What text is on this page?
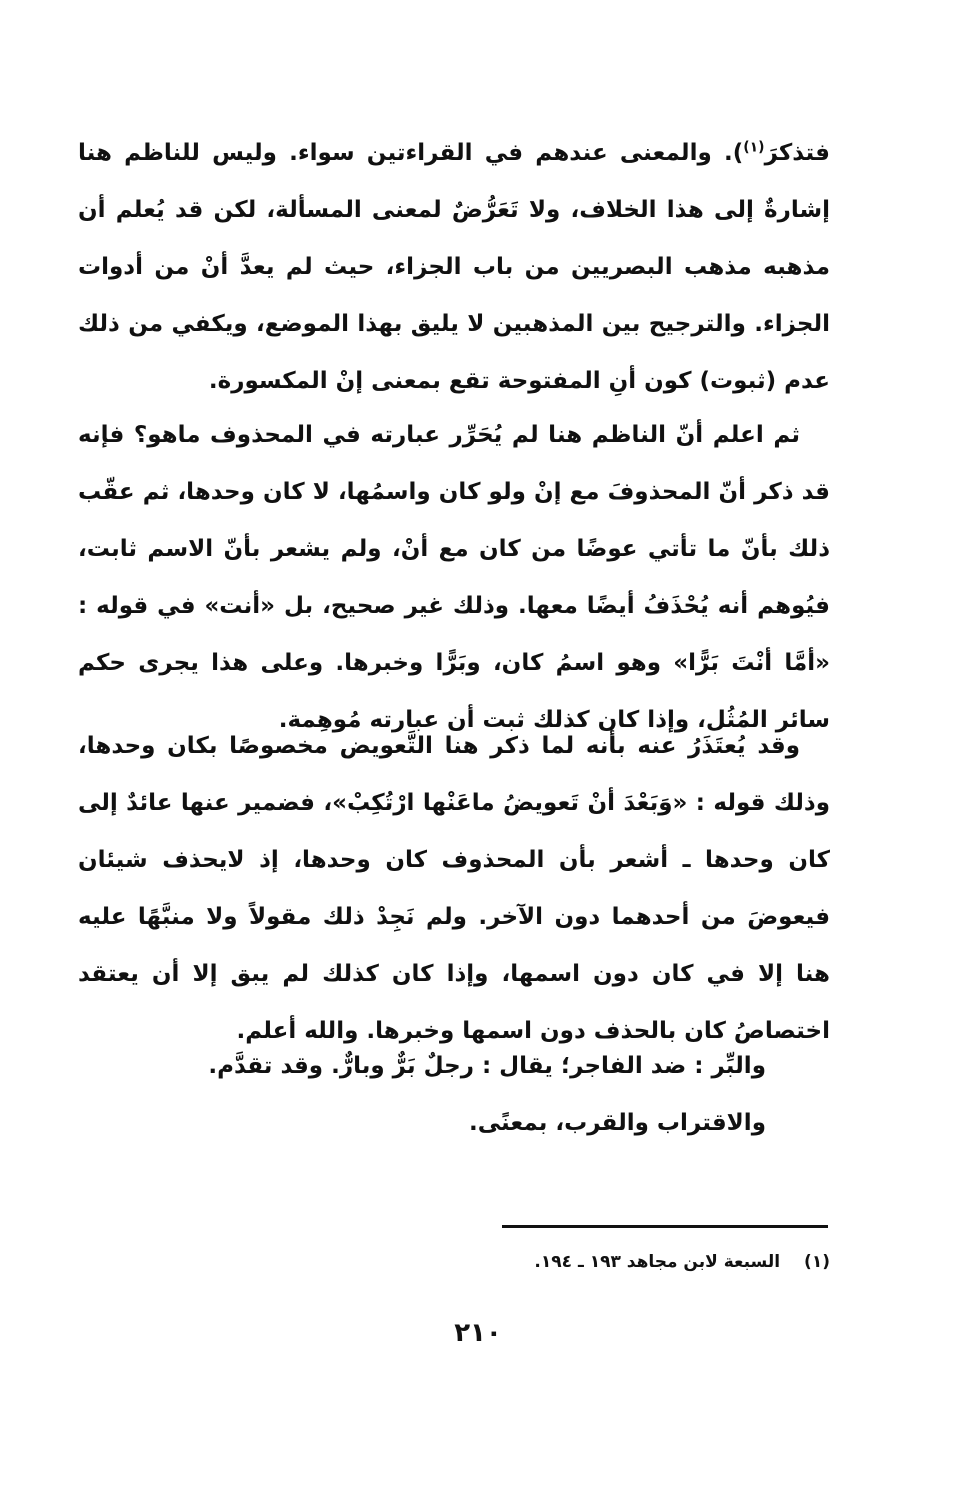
فتذكرَ$^{(١)}$). والمعنى عندهم في القراءتين سواء. وليس للناظم هنا إشارةٌ إلى هذا الخلاف، ولا تَعَرُّضٌ لمعنى المسألة، لكن قد يُعلم أن مذهبه مذهب البصريين من باب الجزاء، حيث لم يعدَّ أنْ من أدوات الجزاء. والترجيح بين المذهبين لا يليق بهذا الموضع، ويكفي من ذلك عدم (ثبوت) كون أنِ المفتوحة تقع بمعنى إنْ المكسورة.
ثم اعلم أنّ الناظم هنا لم يُحَرِّر عبارته في المحذوف ماهو؟ فإنه قد ذكر أنّ المحذوفَ مع إنْ ولو كان واسمُها، لا كان وحدها، ثم عقّب ذلك بأنّ ما تأتي عوضًا من كان مع أنْ، ولم يشعر بأنّ الاسم ثابت، فيُوهم أنه يُحْذَفُ أيضًا معها. وذلك غير صحيح، بل «أنت» في قوله : «أمَّا أنْتَ بَرًّا» وهو اسمُ كان، وبَرًّا وخبرها. وعلى هذا يجرى حكم سائر المُثُل، وإذا كان كذلك ثبت أن عبارته مُوهِمة.
وقد يُعتَذَرُ عنه بأنه لما ذكر هنا التَّعويض مخصوصًا بكان وحدها، وذلك قوله : «وَبَعْدَ أنْ تَعويضُ ماعَنْها ارْتُكِبْ»، فضمير عنها عائدٌ إلى كان وحدها ـ أشعر بأن المحذوف كان وحدها، إذ لايحذف شيئان فيعوضَ من أحدهما دون الآخر. ولم نَجِدْ ذلك مقولاً ولا منبَّهًا عليه هنا إلا في كان دون اسمها، وإذا كان كذلك لم يبق إلا أن يعتقد اختصاصُ كان بالحذف دون اسمها وخبرها. والله أعلم.
والبِّر : ضد الفاجر؛ يقال : رجلٌ بَرٌّ وبارٌّ. وقد تقدَّم.
والاقتراب والقرب، بمعنًى.
(١)السبعة لابن مجاهد ١٩٣ ـ ١٩٤.
٢١٠
